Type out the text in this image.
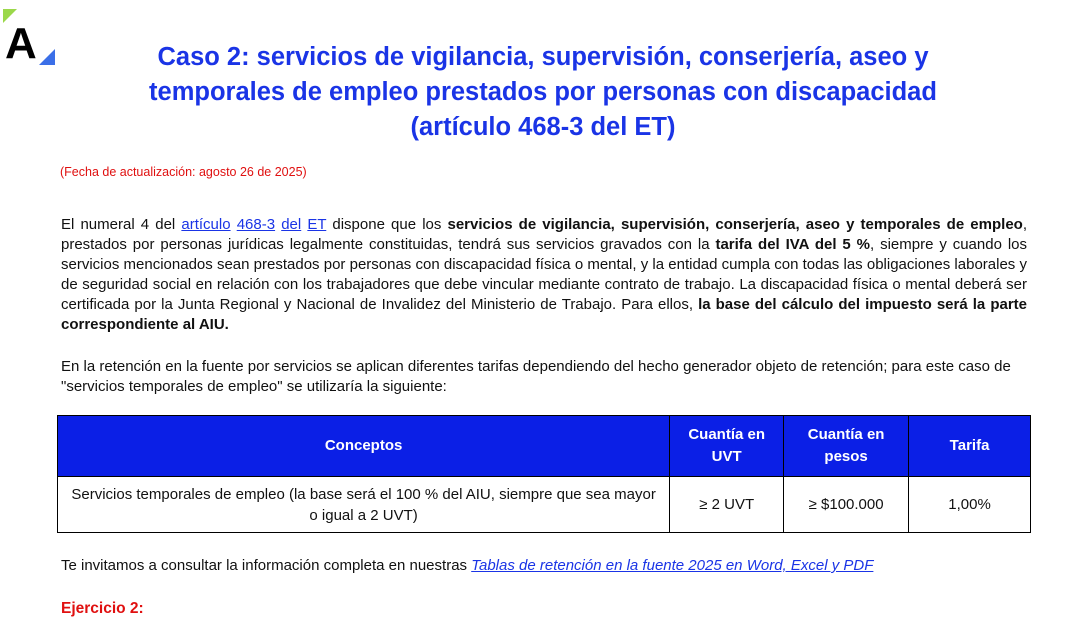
A	Caso 2: servicios de vigilancia, supervisión, conserjería, aseo y
temporales de empleo prestados por personas con discapacidad
(artículo 468-3 del ET)
(Fecha de actualización: agosto 26 de 2025)
El numeral 4 del artículo 468-3 del ET dispone que los servicios de vigilancia, supervisión, conserjería, aseo y temporales de empleo, prestados por personas jurídicas legalmente constituidas, tendrá sus servicios gravados con la tarifa del IVA del 5 %, siempre y cuando los servicios mencionados sean prestados por personas con discapacidad física o mental, y la entidad cumpla con todas las obligaciones laborales y de seguridad social en relación con los trabajadores que debe vincular mediante contrato de trabajo. La discapacidad física o mental deberá ser certificada por la Junta Regional y Nacional de Invalidez del Ministerio de Trabajo. Para ellos, la base del cálculo del impuesto será la parte correspondiente al AIU.
En la retención en la fuente por servicios se aplican diferentes tarifas dependiendo del hecho generador objeto de retención; para este caso de "servicios temporales de empleo" se utilizaría la siguiente:
Conceptos	Cuantía en UVT	Cuantía en pesos	Tarifa
Servicios temporales de empleo (la base será el 100 % del AIU, siempre que sea mayor o igual a 2 UVT)	≥ 2 UVT	≥ $100.000	1,00%
Te invitamos a consultar la información completa en nuestras Tablas de retención en la fuente 2025 en Word, Excel y PDF
Ejercicio 2:
